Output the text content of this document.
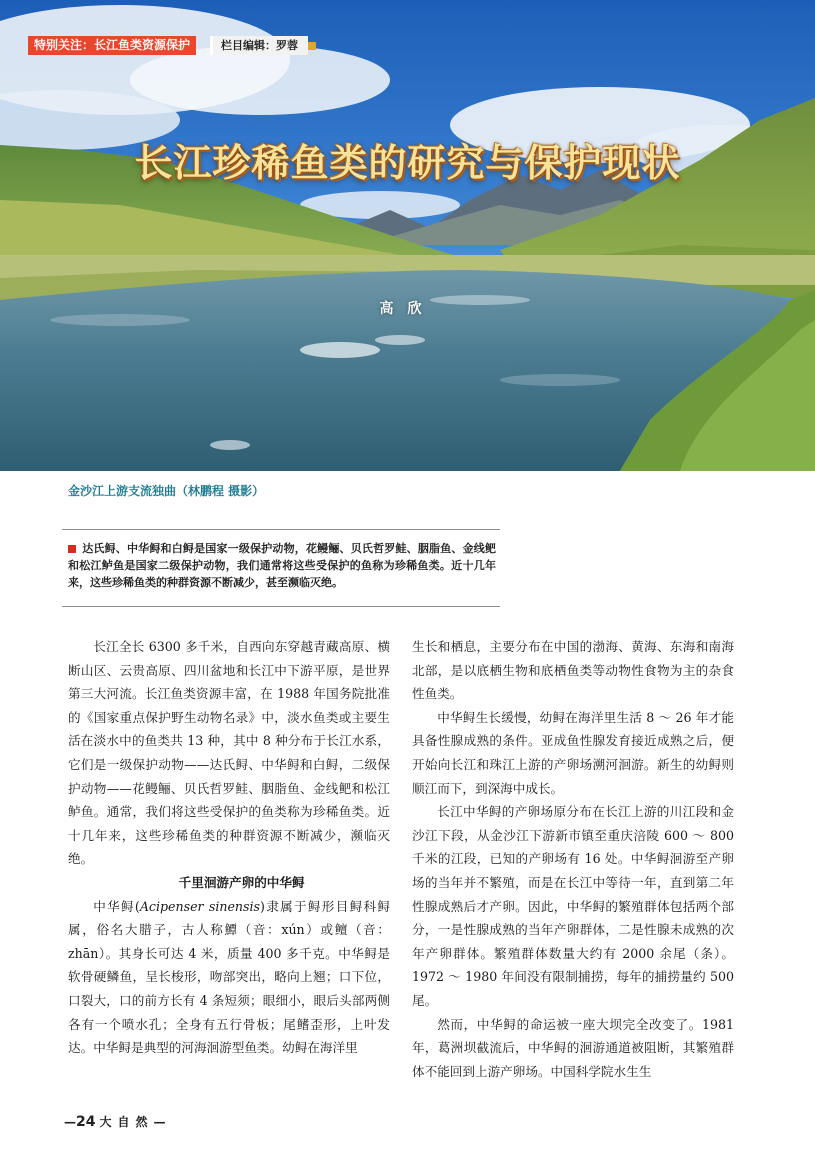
特别关注：长江鱼类资源保护	栏目编辑：罗蓉
长江珍稀鱼类的研究与保护现状
高欣
金沙江上游支流独曲（林鹏程 摄影）
达氏鲟、中华鲟和白鲟是国家一级保护动物，花鳗鲡、贝氏哲罗鲑、胭脂鱼、金线鲃和松江鲈鱼是国家二级保护动物，我们通常将这些受保护的鱼称为珍稀鱼类。近十几年来，这些珍稀鱼类的种群资源不断减少，甚至濒临灭绝。

长江全长 6300 多千米，自西向东穿越青藏高原、横断山区、云贵高原、四川盆地和长江中下游平原，是世界第三大河流。长江鱼类资源丰富，在 1988 年国务院批准的《国家重点保护野生动物名录》中，淡水鱼类或主要生活在淡水中的鱼类共 13 种，其中 8 种分布于长江水系，它们是一级保护动物——达氏鲟、中华鲟和白鲟，二级保护动物——花鳗鲡、贝氏哲罗鲑、胭脂鱼、金线鲃和松江鲈鱼。通常，我们将这些受保护的鱼类称为珍稀鱼类。近十几年来，这些珍稀鱼类的种群资源不断减少，濒临灭绝。

千里洄游产卵的中华鲟

中华鲟(Acipenser sinensis)隶属于鲟形目鲟科鲟属，俗名大腊子，古人称鱏（音：xún）或鳣（音：zhān）。其身长可达 4 米，质量 400 多千克。中华鲟是软骨硬鳞鱼，呈长梭形，吻部突出，略向上翘；口下位，口裂大，口的前方长有 4 条短须；眼细小，眼后头部两侧各有一个喷水孔；全身有五行骨板；尾鳍歪形，上叶发达。中华鲟是典型的河海洄游型鱼类。幼鲟在海洋里

生长和栖息，主要分布在中国的渤海、黄海、东海和南海北部，是以底栖生物和底栖鱼类等动物性食物为主的杂食性鱼类。

中华鲟生长缓慢，幼鲟在海洋里生活 8 ～ 26 年才能具备性腺成熟的条件。亚成鱼性腺发育接近成熟之后，便开始向长江和珠江上游的产卵场溯河洄游。新生的幼鲟则顺江而下，到深海中成长。

长江中华鲟的产卵场原分布在长江上游的川江段和金沙江下段，从金沙江下游新市镇至重庆涪陵 600 ～ 800 千米的江段，已知的产卵场有 16 处。中华鲟洄游至产卵场的当年并不繁殖，而是在长江中等待一年，直到第二年性腺成熟后才产卵。因此，中华鲟的繁殖群体包括两个部分，一是性腺成熟的当年产卵群体，二是性腺未成熟的次年产卵群体。繁殖群体数量大约有 2000 余尾（条）。1972 ～ 1980 年间没有限制捕捞，每年的捕捞量约 500 尾。

然而，中华鲟的命运被一座大坝完全改变了。1981 年，葛洲坝截流后，中华鲟的洄游通道被阻断，其繁殖群体不能回到上游产卵场。中国科学院水生生

—24 大自然—
